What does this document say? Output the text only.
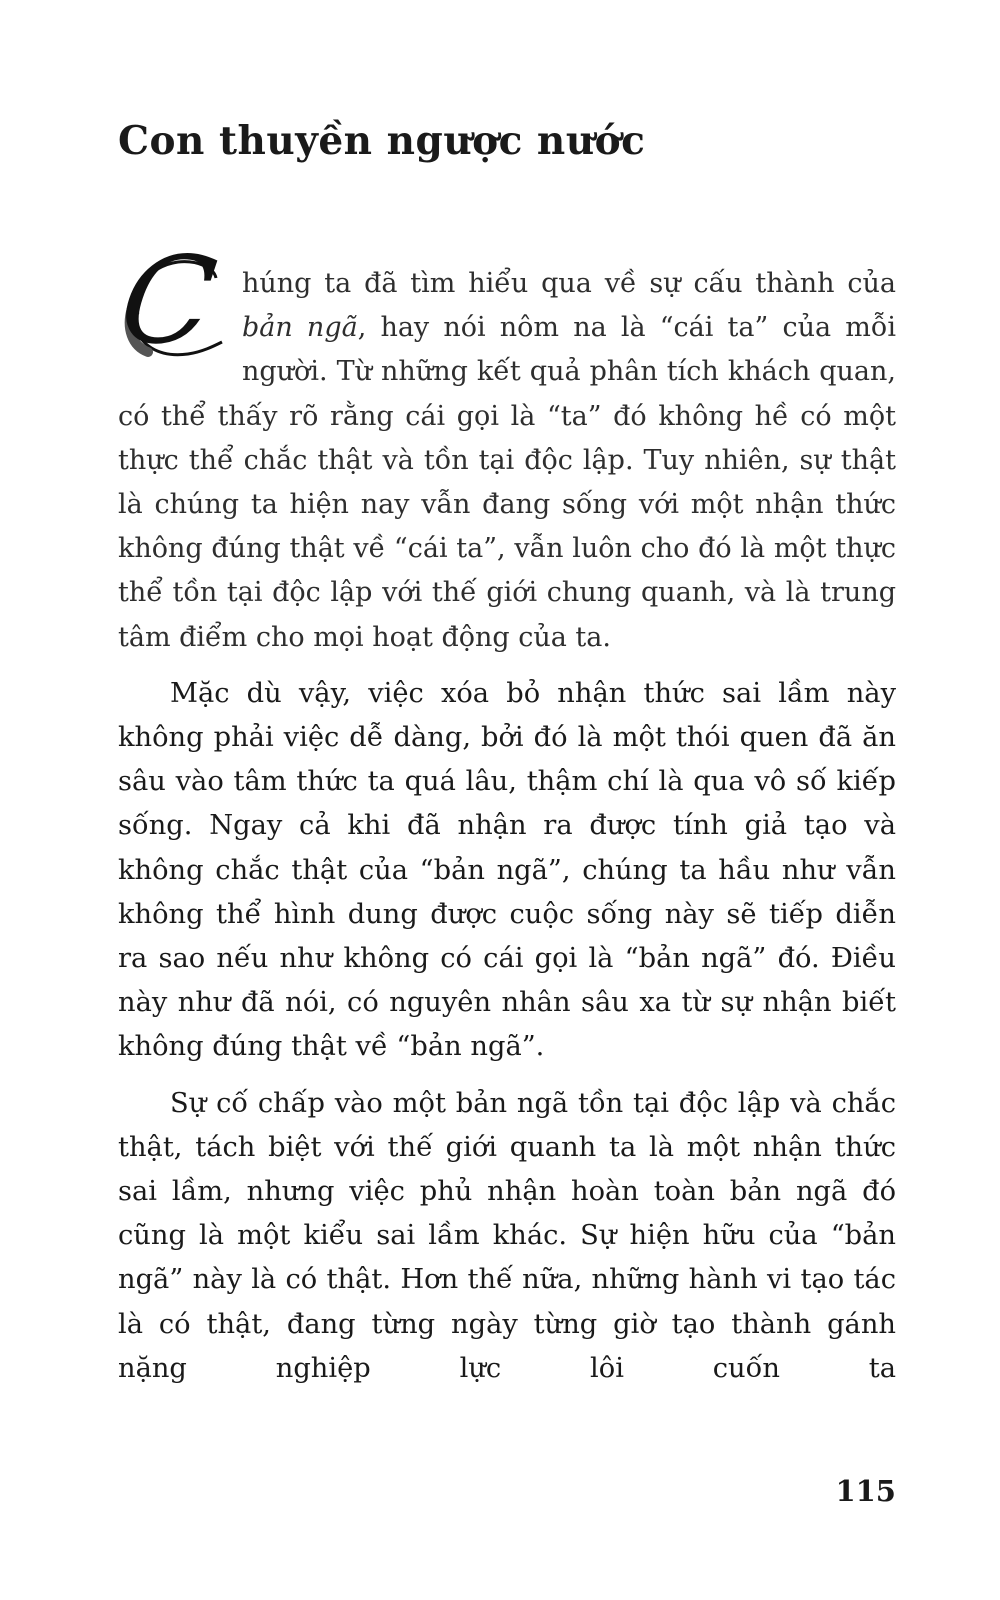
Con thuyền ngược nước

C húng ta đã tìm hiểu qua về sự cấu thành của bản ngã, hay nói nôm na là “cái ta” của mỗi người. Từ những kết quả phân tích khách quan, có thể thấy rõ rằng cái gọi là “ta” đó không hề có một thực thể chắc thật và tồn tại độc lập. Tuy nhiên, sự thật là chúng ta hiện nay vẫn đang sống với một nhận thức không đúng thật về “cái ta”, vẫn luôn cho đó là một thực thể tồn tại độc lập với thế giới chung quanh, và là trung tâm điểm cho mọi hoạt động của ta.

Mặc dù vậy, việc xóa bỏ nhận thức sai lầm này không phải việc dễ dàng, bởi đó là một thói quen đã ăn sâu vào tâm thức ta quá lâu, thậm chí là qua vô số kiếp sống. Ngay cả khi đã nhận ra được tính giả tạo và không chắc thật của “bản ngã”, chúng ta hầu như vẫn không thể hình dung được cuộc sống này sẽ tiếp diễn ra sao nếu như không có cái gọi là “bản ngã” đó. Điều này như đã nói, có nguyên nhân sâu xa từ sự nhận biết không đúng thật về “bản ngã”.

Sự cố chấp vào một bản ngã tồn tại độc lập và chắc thật, tách biệt với thế giới quanh ta là một nhận thức sai lầm, nhưng việc phủ nhận hoàn toàn bản ngã đó cũng là một kiểu sai lầm khác. Sự hiện hữu của “bản ngã” này là có thật. Hơn thế nữa, những hành vi tạo tác là có thật, đang từng ngày từng giờ tạo thành gánh nặng nghiệp lực lôi cuốn ta

115
